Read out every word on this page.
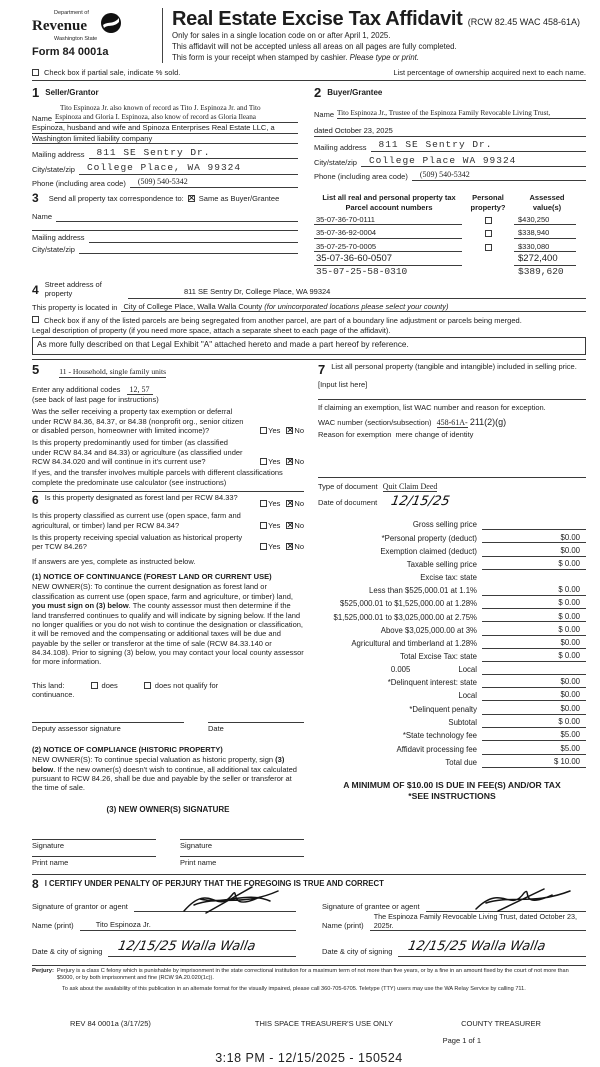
Department of
Revenue
Washington State
Form 84 0001a
Real Estate Excise Tax Affidavit (RCW 82.45 WAC 458-61A)
Only for sales in a single location code on or after April 1, 2025.
This affidavit will not be accepted unless all areas on all pages are fully completed.
This form is your receipt when stamped by cashier. Please type or print.
Check box if partial sale, indicate % sold.	List percentage of ownership acquired next to each name.
1 Seller/Grantor
Tito Espinoza Jr. also known of record as Tito J. Espinoza Jr. and Tito
Name Espinoza and Gloria I. Espinoza, also know of record as Gloria Ileana
Espinoza, husband and wife and Spinoza Enterprises Real Estate LLC, a
Washington limited liability company
Mailing address	811 SE Sentry Dr.
City/state/zip	College Place, WA 99324
Phone (including area code)	(509) 540-5342
2 Buyer/Grantee
Name Tito Espinoza Jr., Trustee of the Espinoza Family Revocable Living Trust,
dated October 23, 2025
Mailing address	811 SE Sentry Dr.
City/state/zip	College Place WA 99324
Phone (including area code)	(509) 540-5342
3 Send all property tax correspondence to: ✕ Same as Buyer/Grantee
Name
Mailing address
City/state/zip
List all real and personal property tax
Parcel account numbers
Personal
property?
Assessed
value(s)
35-07-36-70-0111	$430,250
35-07-36-92-0004	$338,940
35-07-25-70-0005	$330,080
35-07-36-60-0507	$272,400
35-07-25-58-0310	$389,620
4 Street address of property	811 SE Sentry Dr, College Place, WA 99324
This property is located in City of College Place, Walla Walla County (for unincorporated locations please select your county)
Check box if any of the listed parcels are being segregated from another parcel, are part of a boundary line adjustment or parcels being merged.
Legal description of property (if you need more space, attach a separate sheet to each page of the affidavit).
As more fully described on that Legal Exhibit "A" attached hereto and made a part hereof by reference.
5	11 - Household, single family units
Enter any additional codes 12, 57
(see back of last page for instructions)
Was the seller receiving a property tax exemption or deferral under RCW 84.36, 84.37, or 84.38 (nonprofit org., senior citizen or disabled person, homeowner with limited income)?	Yes ✕ No
Is this property predominantly used for timber (as classified under RCW 84.34 and 84.33) or agriculture (as classified under RCW 84.34.020 and will continue in it's current use?	Yes ✕ No
If yes, and the transfer involves multiple parcels with different classifications complete the predominate use calculator (see instructions)
6 Is this property designated as forest land per RCW 84.33?
Yes ✕ No
Is this property classified as current use (open space, farm and agricultural, or timber) land per RCW 84.34?	Yes ✕ No
Is this property receiving special valuation as historical property per TCW 84.26?	Yes ✕ No
If answers are yes, complete as instructed below.
(1) NOTICE OF CONTINUANCE (FOREST LAND OR CURRENT USE)
NEW OWNER(S): To continue the current designation as forest land or classification as current use (open space, farm and agriculture, or timber) land, you must sign on (3) below. The county assessor must then determine if the land transferred continues to qualify and will indicate by signing below. If the land no longer qualifies or you do not wish to continue the designation or classification, it will be removed and the compensating or additional taxes will be due and payable by the seller or transferor at the time of sale (RCW 84.33.140 or 84.34.108). Prior to signing (3) below, you may contact your local county assessor for more information.
This land:	does	does not qualify for
continuance.
Deputy assessor signature	Date
(2) NOTICE OF COMPLIANCE (HISTORIC PROPERTY)
NEW OWNER(S): To continue special valuation as historic property, sign (3) below. If the new owner(s) doesn't wish to continue, all additional tax calculated pursuant to RCW 84.26, shall be due and payable by the seller or transferor at the time of sale.
(3) NEW OWNER(S) SIGNATURE
Signature	Signature
Print name	Print name
7 List all personal property (tangible and intangible) included in selling price.
[Input list here]
If claiming an exemption, list WAC number and reason for exception.
WAC number (section/subsection) 458-61A- 211(2)(g)
Reason for exemption mere change of identity
Type of document Quit Claim Deed
Date of document 12/15/25
Gross selling price
*Personal property (deduct)	$0.00
Exemption claimed (deduct)	$0.00
Taxable selling price	$ 0.00
Excise tax: state
Less than $525,000.01 at 1.1%	$ 0.00
$525,000.01 to $1,525,000.00 at 1.28%	$ 0.00
$1,525,000.01 to $3,025,000.00 at 2.75%	$ 0.00
Above $3,025,000.00 at 3%	$ 0.00
Agricultural and timberland at 1.28%	$0.00
Total Excise Tax: state	$ 0.00
0.005	Local
*Delinquent interest: state	$0.00
Local	$0.00
*Delinquent penalty	$0.00
Subtotal	$ 0.00
*State technology fee	$5.00
Affidavit processing fee	$5.00
Total due	$ 10.00
A MINIMUM OF $10.00 IS DUE IN FEE(S) AND/OR TAX
*SEE INSTRUCTIONS
8 I CERTIFY UNDER PENALTY OF PERJURY THAT THE FOREGOING IS TRUE AND CORRECT
Signature of grantor or agent
Name (print)	Tito Espinoza Jr.
Date & city of signing	12/15/25 Walla Walla
Signature of grantee or agent
Name (print)
The Espinoza Family Revocable Living Trust, dated October 23, 2025r.
Date & city of signing	12/15/25 Walla Walla
Perjury: Perjury is a class C felony which is punishable by imprisonment in the state correctional institution for a maximum term of not more than five years, or by a fine in an amount fixed by the court of not more than $5000, or by both imprisonment and fine (RCW 9A.20.020(1c)).
To ask about the availability of this publication in an alternate format for the visually impaired, please call 360-705-6705. Teletype (TTY) users may use the WA Relay Service by calling 711.
REV 84 0001a (3/17/25)	THIS SPACE TREASURER'S USE ONLY	COUNTY TREASURER
Page 1 of 1
3:18 PM - 12/15/2025 - 150524
